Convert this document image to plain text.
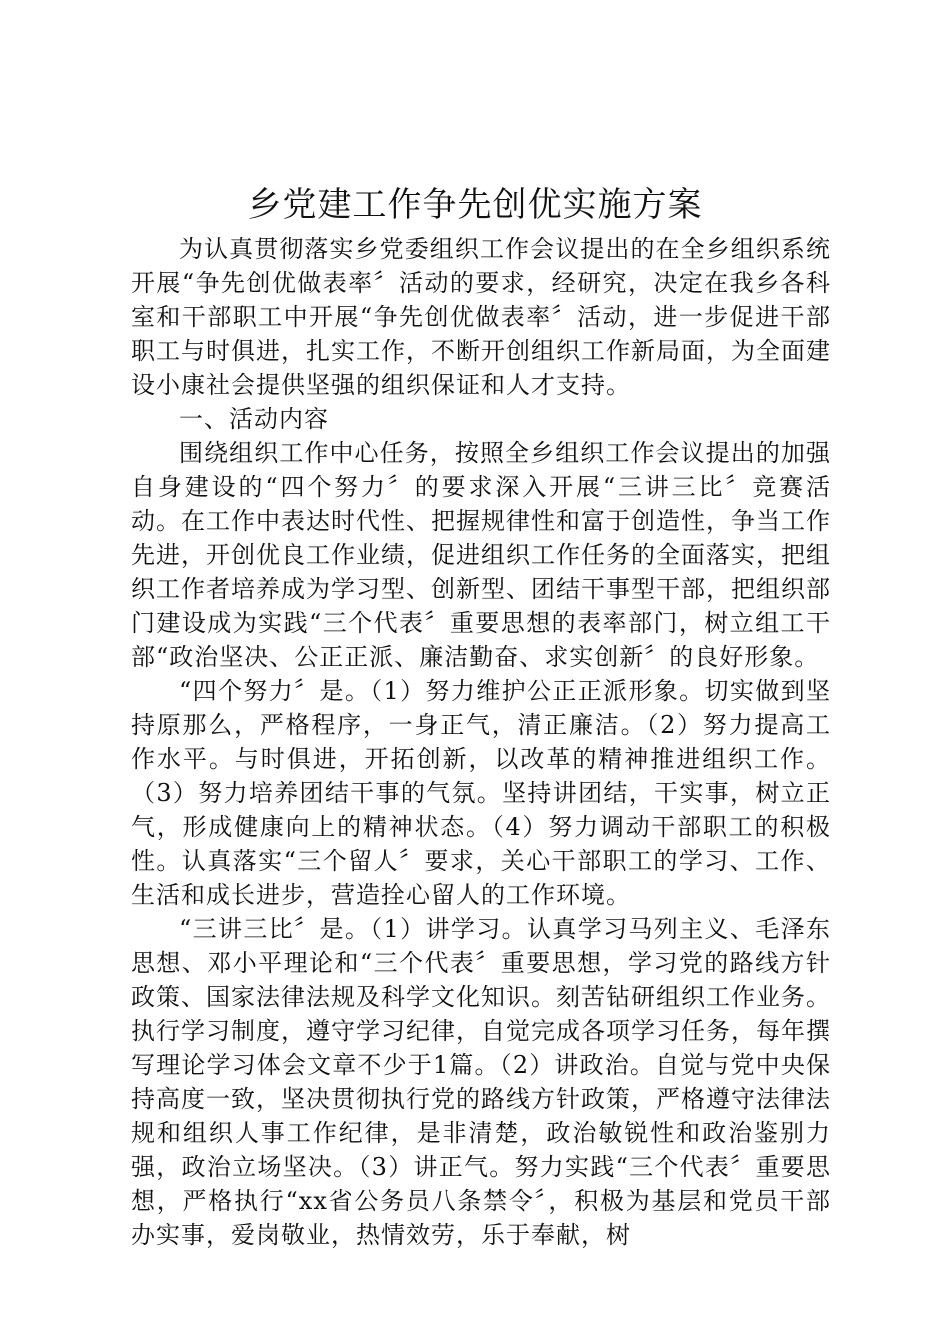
乡党建工作争先创优实施方案

为认真贯彻落实乡党委组织工作会议提出的在全乡组织系统开展“争先创优做表率〞活动的要求，经研究，决定在我乡各科室和干部职工中开展“争先创优做表率〞活动，进一步促进干部职工与时俱进，扎实工作，不断开创组织工作新局面，为全面建设小康社会提供坚强的组织保证和人才支持。

一、活动内容

围绕组织工作中心任务，按照全乡组织工作会议提出的加强自身建设的“四个努力〞的要求深入开展“三讲三比〞竞赛活动。在工作中表达时代性、把握规律性和富于创造性，争当工作先进，开创优良工作业绩，促进组织工作任务的全面落实，把组织工作者培养成为学习型、创新型、团结干事型干部，把组织部门建设成为实践“三个代表〞重要思想的表率部门，树立组工干部“政治坚决、公正正派、廉洁勤奋、求实创新〞的良好形象。

“四个努力〞是。（1）努力维护公正正派形象。切实做到坚持原那么，严格程序，一身正气，清正廉洁。（2）努力提高工作水平。与时俱进，开拓创新，以改革的精神推进组织工作。（3）努力培养团结干事的气氛。坚持讲团结，干实事，树立正气，形成健康向上的精神状态。（4）努力调动干部职工的积极性。认真落实“三个留人〞要求，关心干部职工的学习、工作、生活和成长进步，营造拴心留人的工作环境。

“三讲三比〞是。（1）讲学习。认真学习马列主义、毛泽东思想、邓小平理论和“三个代表〞重要思想，学习党的路线方针政策、国家法律法规及科学文化知识。刻苦钻研组织工作业务。执行学习制度，遵守学习纪律，自觉完成各项学习任务，每年撰写理论学习体会文章不少于1篇。（2）讲政治。自觉与党中央保持高度一致，坚决贯彻执行党的路线方针政策，严格遵守法律法规和组织人事工作纪律，是非清楚，政治敏锐性和政治鉴别力强，政治立场坚决。（3）讲正气。努力实践“三个代表〞重要思想，严格执行“xx省公务员八条禁令〞，积极为基层和党员干部办实事，爱岗敬业，热情效劳，乐于奉献，树
